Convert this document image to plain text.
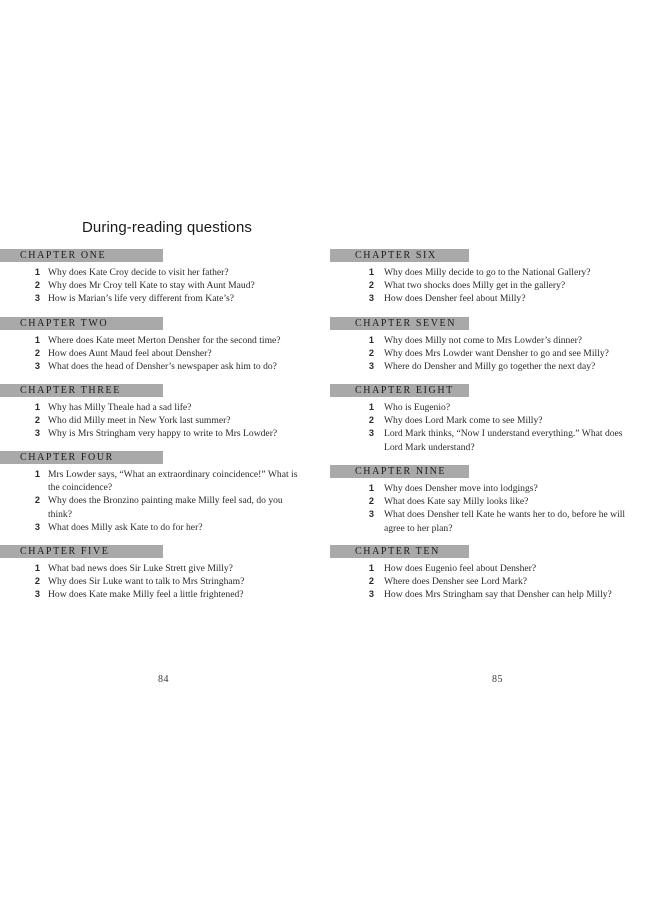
During-reading questions
CHAPTER ONE
1 Why does Kate Croy decide to visit her father?
2 Why does Mr Croy tell Kate to stay with Aunt Maud?
3 How is Marian’s life very different from Kate’s?
CHAPTER TWO
1 Where does Kate meet Merton Densher for the second time?
2 How does Aunt Maud feel about Densher?
3 What does the head of Densher’s newspaper ask him to do?
CHAPTER THREE
1 Why has Milly Theale had a sad life?
2 Who did Milly meet in New York last summer?
3 Why is Mrs Stringham very happy to write to Mrs Lowder?
CHAPTER FOUR
1 Mrs Lowder says, “What an extraordinary coincidence!” What is the coincidence?
2 Why does the Bronzino painting make Milly feel sad, do you think?
3 What does Milly ask Kate to do for her?
CHAPTER FIVE
1 What bad news does Sir Luke Strett give Milly?
2 Why does Sir Luke want to talk to Mrs Stringham?
3 How does Kate make Milly feel a little frightened?
84
CHAPTER SIX
1 Why does Milly decide to go to the National Gallery?
2 What two shocks does Milly get in the gallery?
3 How does Densher feel about Milly?
CHAPTER SEVEN
1 Why does Milly not come to Mrs Lowder’s dinner?
2 Why does Mrs Lowder want Densher to go and see Milly?
3 Where do Densher and Milly go together the next day?
CHAPTER EIGHT
1 Who is Eugenio?
2 Why does Lord Mark come to see Milly?
3 Lord Mark thinks, “Now I understand everything.” What does Lord Mark understand?
CHAPTER NINE
1 Why does Densher move into lodgings?
2 What does Kate say Milly looks like?
3 What does Densher tell Kate he wants her to do, before he will agree to her plan?
CHAPTER TEN
1 How does Eugenio feel about Densher?
2 Where does Densher see Lord Mark?
3 How does Mrs Stringham say that Densher can help Milly?
85
